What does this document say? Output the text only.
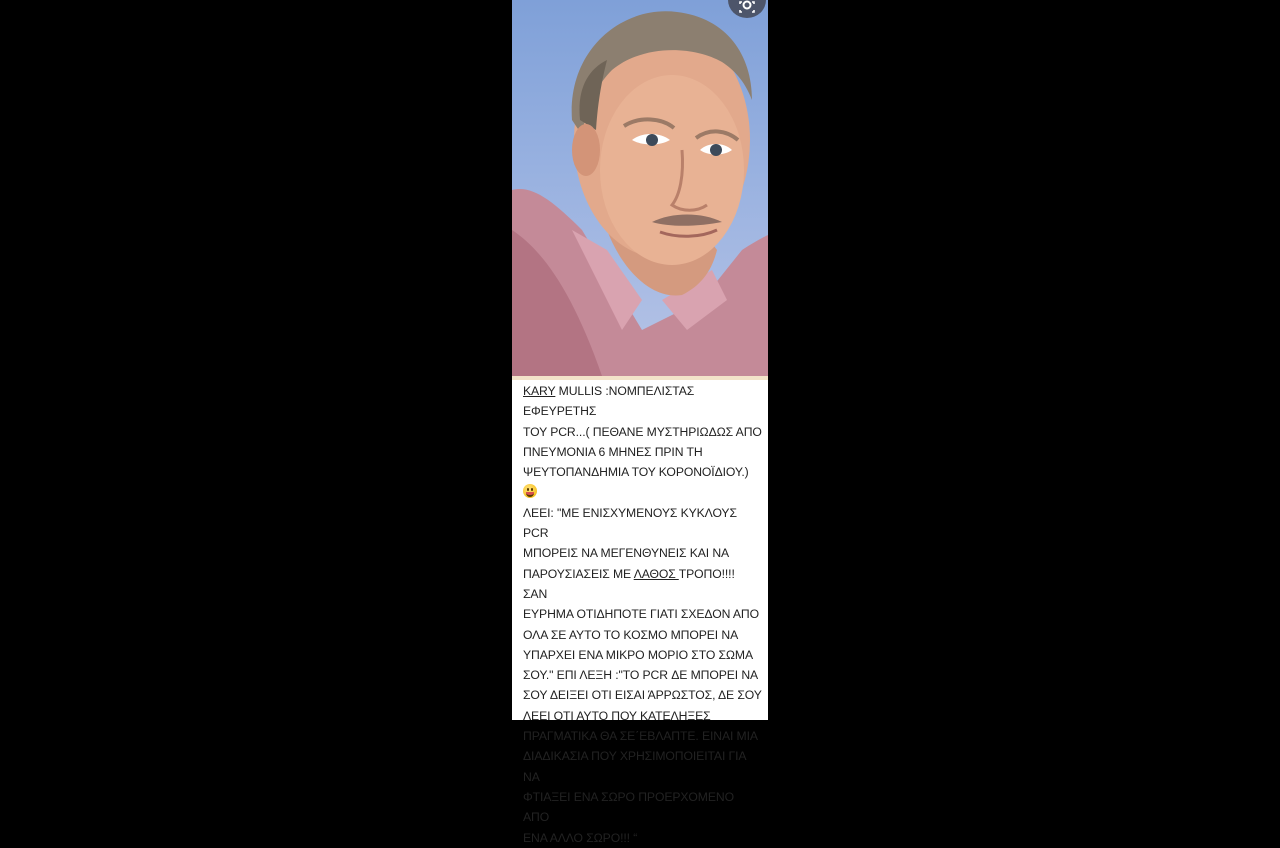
KARY MULLIS :ΝΟΜΠΕΛΙΣΤΑΣ ΕΦΕΥΡΕΤΗΣ
ΤΟΥ PCR...( ΠΕΘΑΝΕ ΜΥΣΤΗΡΙΩΔΩΣ ΑΠΟ
ΠΝΕΥΜΟΝΙΑ 6 ΜΗΝΕΣ ΠΡΙΝ ΤΗ
ΨΕΥΤΟΠΑΝΔΗΜΙΑ ΤΟΥ ΚΟΡΟΝΟΪΔΙΟΥ.)
ΛΕΕΙ: "ΜΕ ΕΝΙΣΧΥΜΕΝΟΥΣ ΚΥΚΛΟΥΣ PCR
ΜΠΟΡΕΙΣ ΝΑ ΜΕΓΕΝΘΥΝΕΙΣ ΚΑΙ ΝΑ
ΠΑΡΟΥΣΙΑΣΕΙΣ ΜΕ ΛΑΘΟΣ ΤΡΟΠΟ!!!! ΣΑΝ
ΕΥΡΗΜΑ ΟΤΙΔΗΠΟΤΕ ΓΙΑΤΙ ΣΧΕΔΟΝ ΑΠΟ
ΟΛΑ ΣΕ ΑΥΤΟ ΤΟ ΚΟΣΜΟ ΜΠΟΡΕΙ ΝΑ
ΥΠΑΡΧΕΙ ΕΝΑ ΜΙΚΡΟ ΜΟΡΙΟ ΣΤΟ ΣΩΜΑ
ΣΟΥ." ΕΠΙ ΛΕΞΗ :"ΤΟ PCR ΔΕ ΜΠΟΡΕΙ ΝΑ
ΣΟΥ ΔΕΙΞΕΙ ΟΤΙ ΕΙΣΑΙ ΆΡΡΩΣΤΟΣ, ΔΕ ΣΟΥ
ΛΕΕΙ ΟΤΙ ΑΥΤΟ ΠΟΥ ΚΑΤΕΛΗΞΕΣ
ΠΡΑΓΜΑΤΙΚΑ ΘΑ ΣΕ΄ΕΒΛΑΠΤΕ. ΕΙΝΑΙ ΜΙΑ
ΔΙΑΔΙΚΑΣΙΑ ΠΟΥ ΧΡΗΣΙΜΟΠΟΙΕΙΤΑΙ ΓΙΑ ΝΑ
ΦΤΙΑΞΕΙ ΕΝΑ ΣΩΡΟ ΠΡΟΕΡΧΟΜΕΝΟ ΑΠΟ
ΕΝΑ ΑΛΛΟ ΣΩΡΟ!!! “
